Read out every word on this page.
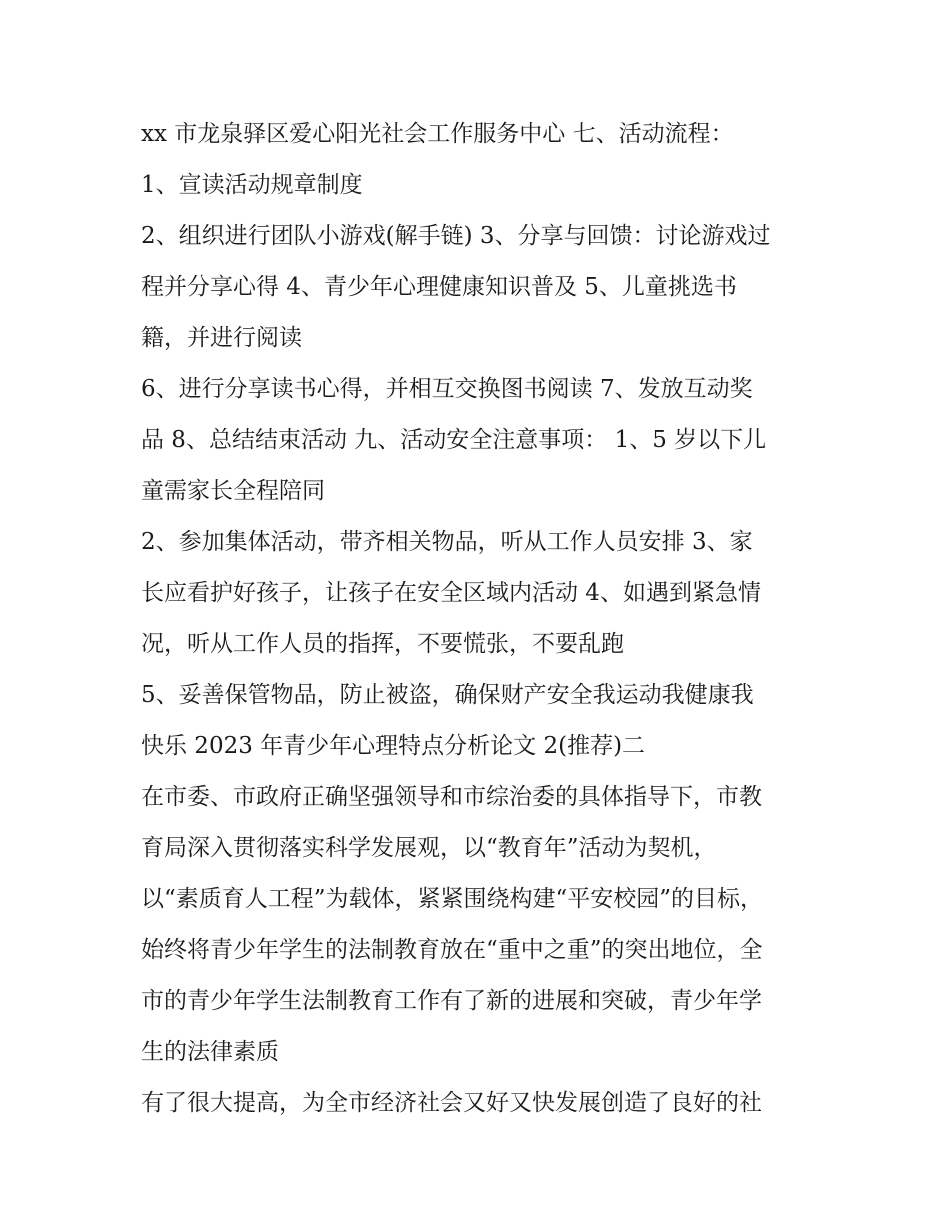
xx 市龙泉驿区爱心阳光社会工作服务中心 七、活动流程：
1、宣读活动规章制度
2、组织进行团队小游戏(解手链) 3、分享与回馈：讨论游戏过
程并分享心得 4、青少年心理健康知识普及 5、儿童挑选书
籍，并进行阅读
6、进行分享读书心得，并相互交换图书阅读 7、发放互动奖
品 8、总结结束活动 九、活动安全注意事项： 1、5 岁以下儿
童需家长全程陪同
2、参加集体活动，带齐相关物品，听从工作人员安排 3、家
长应看护好孩子，让孩子在安全区域内活动 4、如遇到紧急情
况，听从工作人员的指挥，不要慌张，不要乱跑
5、妥善保管物品，防止被盗，确保财产安全我运动我健康我
快乐 2023 年青少年心理特点分析论文 2(推荐)二
在市委、市政府正确坚强领导和市综治委的具体指导下，市教
育局深入贯彻落实科学发展观，以“教育年”活动为契机，
以“素质育人工程”为载体，紧紧围绕构建“平安校园”的目标，
始终将青少年学生的法制教育放在“重中之重”的突出地位，全
市的青少年学生法制教育工作有了新的进展和突破，青少年学
生的法律素质
有了很大提高，为全市经济社会又好又快发展创造了良好的社
